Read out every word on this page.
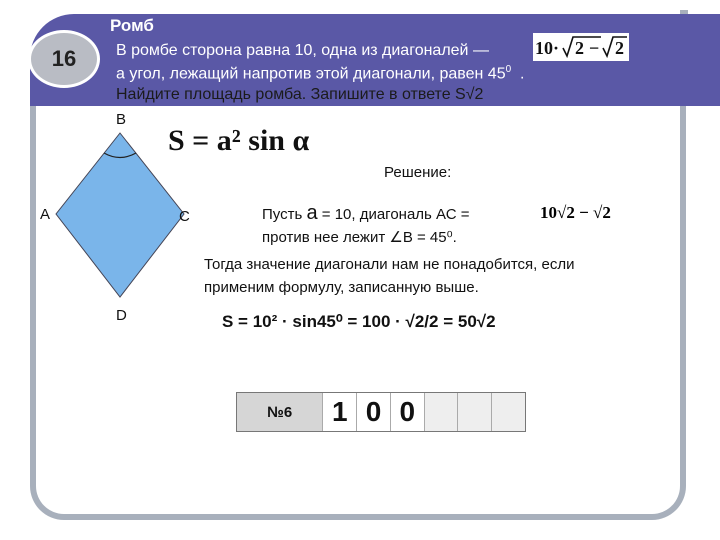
16
Ромб
В ромбе сторона равна 10, одна из диагоналей —
а угол, лежащий напротив этой диагонали, равен $45^0$ .
Найдите площадь ромба. Запишите в ответе S√2
10· 2 − 2
B
A	C
D
S = a² sin α
Решение:
Пусть a = 10, диагональ АС =	10√2 − √2
против нее лежит ∠B = 45⁰.
Тогда значение диагонали нам не понадобится, если
применим формулу, записанную выше.
S = 10² · sin45⁰ = 100 · √2/2 = 50√2
№6	1 0 0
